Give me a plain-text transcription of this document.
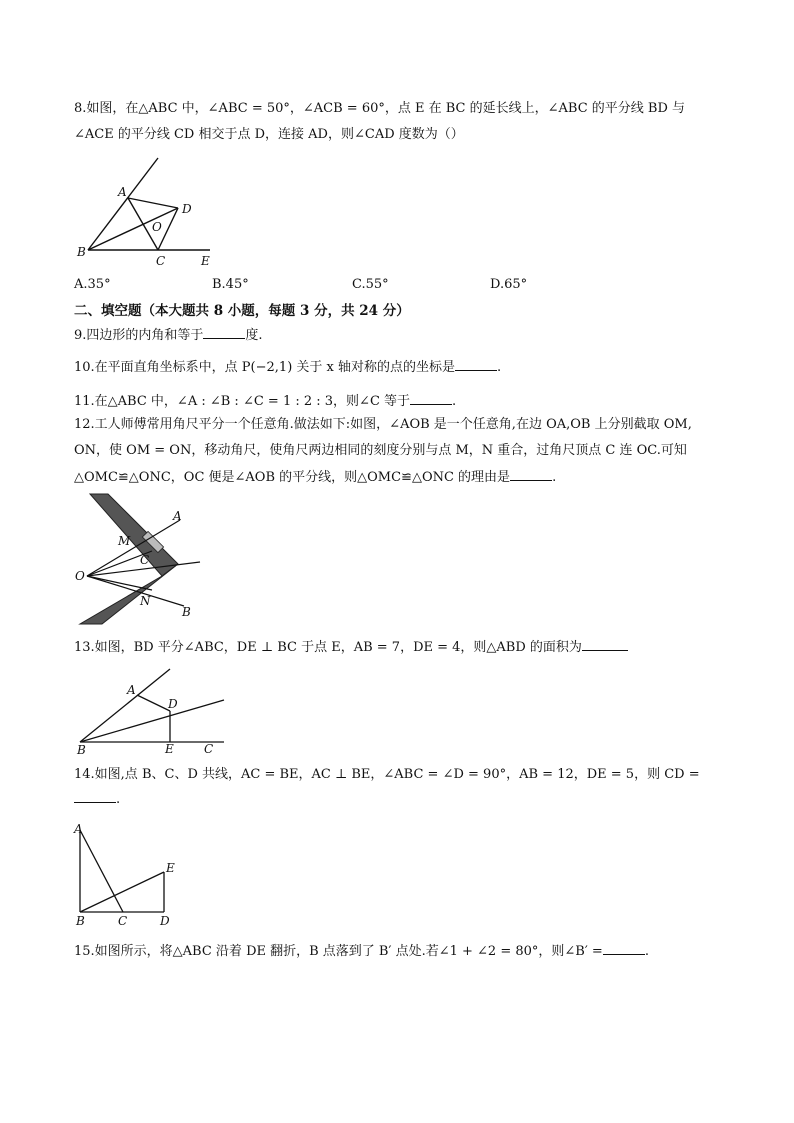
8.如图，在△ABC 中，∠ABC = 50°，∠ACB = 60°，点 E 在 BC 的延长线上，∠ABC 的平分线 BD 与
∠ACE 的平分线 CD 相交于点 D，连接 AD，则∠CAD 度数为（）
A
B
C
D
E
O
A.35°	B.45°	C.55°	D.65°
二、填空题（本大题共 8 小题，每题 3 分，共 24 分）
9.四边形的内角和等于	度.
10.在平面直角坐标系中，点 P(−2,1) 关于 x 轴对称的点的坐标是	.
11.在△ABC 中，∠A : ∠B : ∠C = 1 : 2 : 3，则∠C 等于	.
12.工人师傅常用角尺平分一个任意角.做法如下:如图，∠AOB 是一个任意角,在边 OA,OB 上分别截取 OM,
ON，使 OM = ON，移动角尺，使角尺两边相同的刻度分别与点 M，N 重合，过角尺顶点 C 连 OC.可知
△OMC≌△ONC，OC 便是∠AOB 的平分线，则△OMC≌△ONC 的理由是	.
A
M
O
C
N
B
13.如图，BD 平分∠ABC，DE ⊥ BC 于点 E，AB = 7，DE = 4，则△ABD 的面积为
A
D
B	E	C
14.如图,点 B、C、D 共线，AC = BE，AC ⊥ BE，∠ABC = ∠D = 90°，AB = 12，DE = 5，则 CD =
.
A
E
B	C	D
15.如图所示，将△ABC 沿着 DE 翻折，B 点落到了 B′ 点处.若∠1 + ∠2 = 80°，则∠B′ =	.
